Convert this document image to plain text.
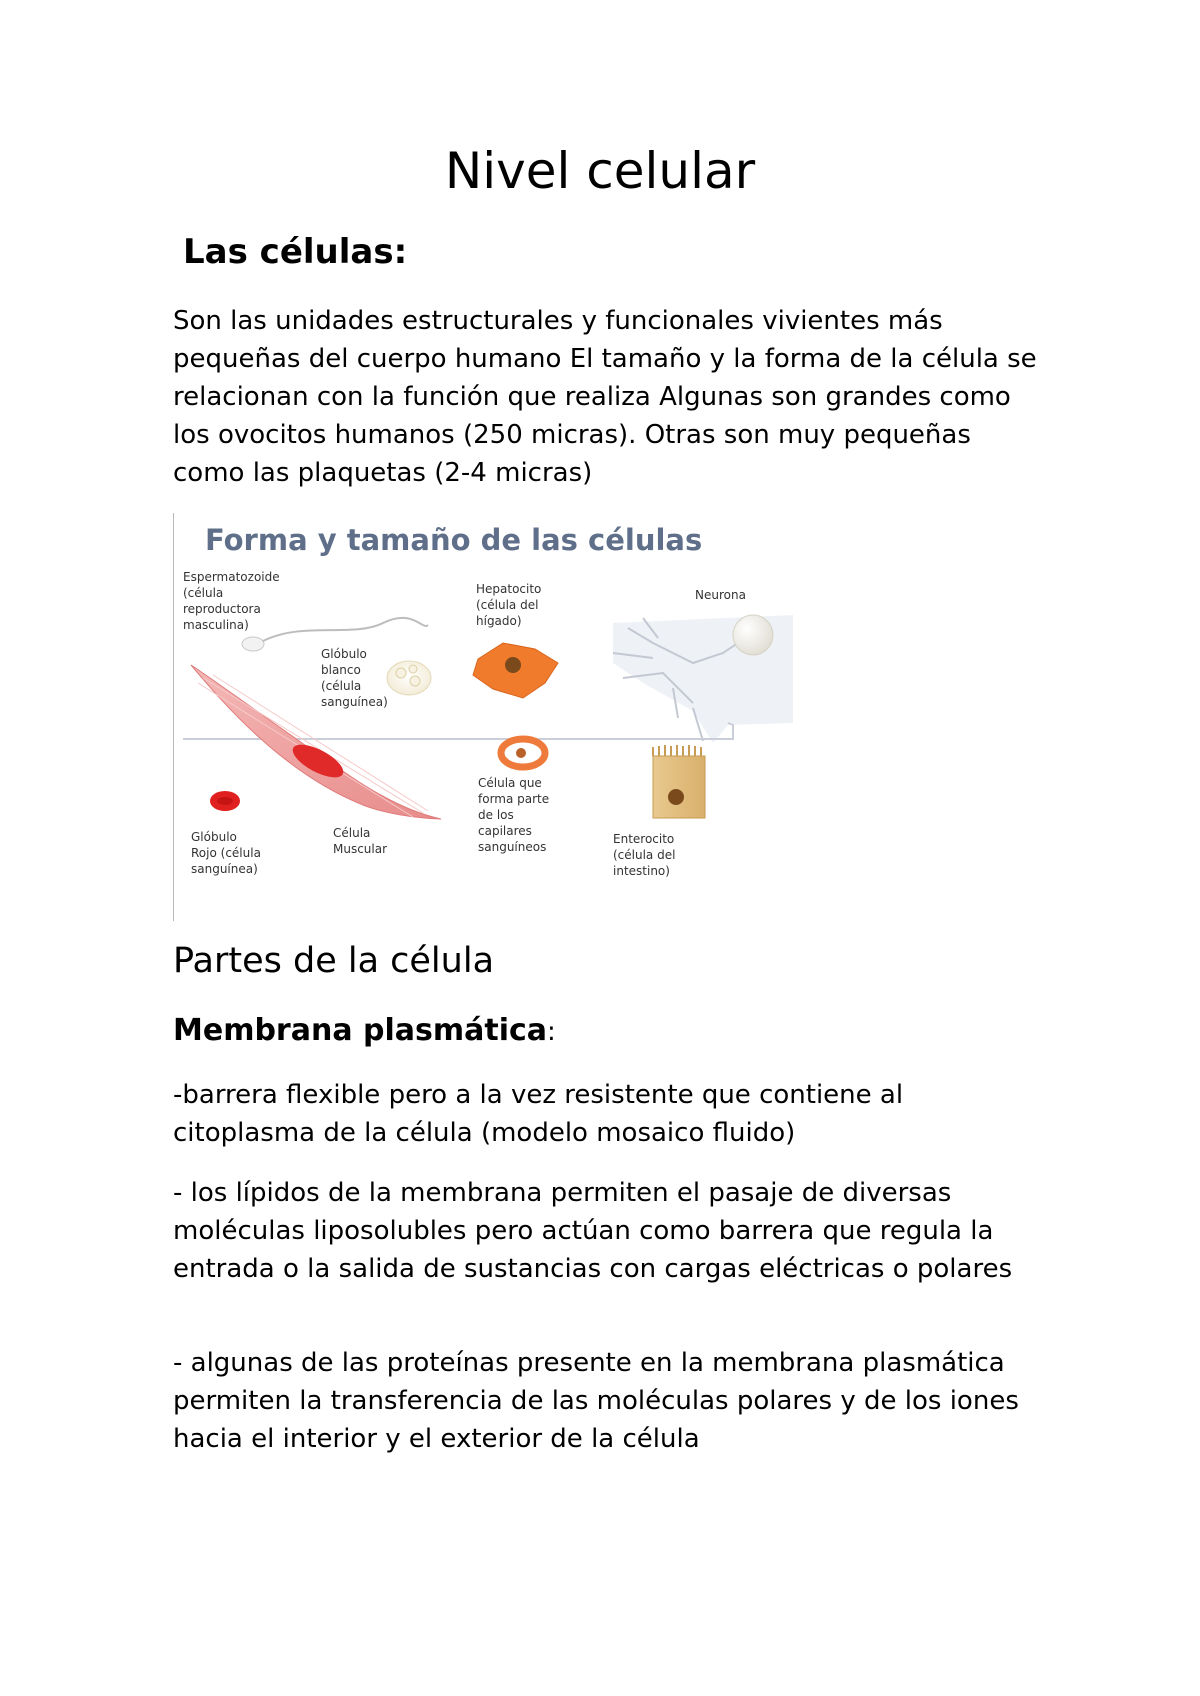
Nivel celular
Las células:

Son las unidades estructurales y funcionales vivientes más pequeñas del cuerpo humano El tamaño y la forma de la célula se relacionan con la función que realiza Algunas son grandes como los ovocitos humanos (250 micras). Otras son muy pequeñas como las plaquetas (2-4 micras)

Forma y tamaño de las células
Espermatozoide (célula reproductora masculina)
Glóbulo blanco (célula sanguínea)
Hepatocito (célula del hígado)
Neurona
Célula Muscular
Glóbulo Rojo (célula sanguínea)
Célula que forma parte de los capilares sanguíneos
Enterocito (célula del intestino)
Partes de la célula
Membrana plasmática:

-barrera flexible pero a la vez resistente que contiene al citoplasma de la célula (modelo mosaico fluido)

- los lípidos de la membrana permiten el pasaje de diversas moléculas liposolubles pero actúan como barrera que regula la entrada o la salida de sustancias con cargas eléctricas o polares

- algunas de las proteínas presente en la membrana plasmática permiten la transferencia de las moléculas polares y de los iones hacia el interior y el exterior de la célula
